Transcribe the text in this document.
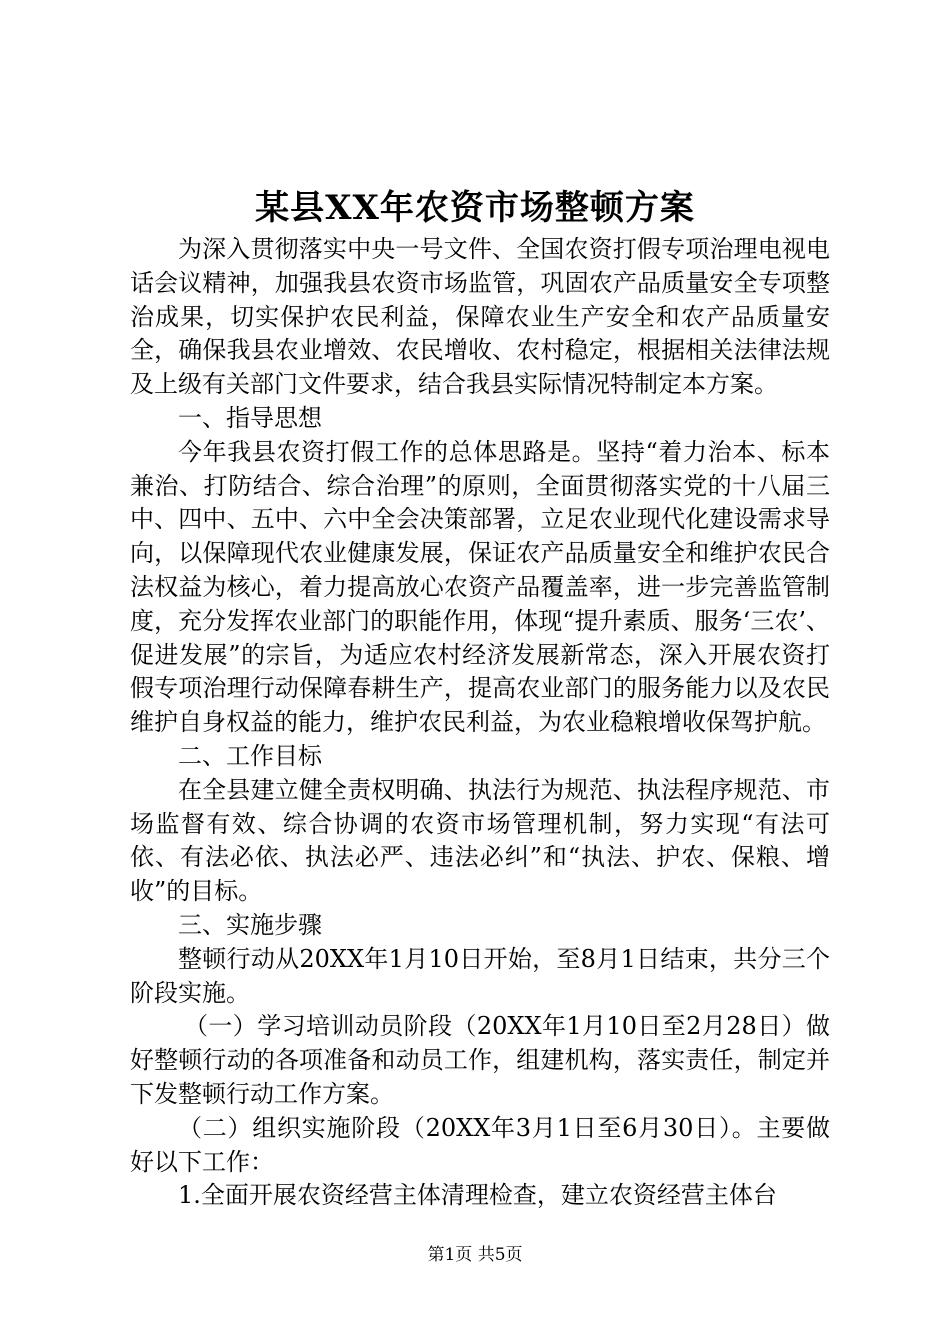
某县XX年农资市场整顿方案

为深入贯彻落实中央一号文件、全国农资打假专项治理电视电话会议精神，加强我县农资市场监管，巩固农产品质量安全专项整治成果，切实保护农民利益，保障农业生产安全和农产品质量安全，确保我县农业增效、农民增收、农村稳定，根据相关法律法规及上级有关部门文件要求，结合我县实际情况特制定本方案。

一、指导思想

今年我县农资打假工作的总体思路是。坚持“着力治本、标本兼治、打防结合、综合治理”的原则，全面贯彻落实党的十八届三中、四中、五中、六中全会决策部署，立足农业现代化建设需求导向，以保障现代农业健康发展，保证农产品质量安全和维护农民合法权益为核心，着力提高放心农资产品覆盖率，进一步完善监管制度，充分发挥农业部门的职能作用，体现“提升素质、服务‘三农’、促进发展”的宗旨，为适应农村经济发展新常态，深入开展农资打假专项治理行动保障春耕生产，提高农业部门的服务能力以及农民维护自身权益的能力，维护农民利益，为农业稳粮增收保驾护航。

二、工作目标

在全县建立健全责权明确、执法行为规范、执法程序规范、市场监督有效、综合协调的农资市场管理机制，努力实现“有法可依、有法必依、执法必严、违法必纠”和“执法、护农、保粮、增收”的目标。

三、实施步骤

整顿行动从20XX年1月10日开始，至8月1日结束，共分三个阶段实施。

（一）学习培训动员阶段（20XX年1月10日至2月28日）做好整顿行动的各项准备和动员工作，组建机构，落实责任，制定并下发整顿行动工作方案。

（二）组织实施阶段（20XX年3月1日至6月30日）。主要做好以下工作：

1.全面开展农资经营主体清理检查，建立农资经营主体台

第1页 共5页
